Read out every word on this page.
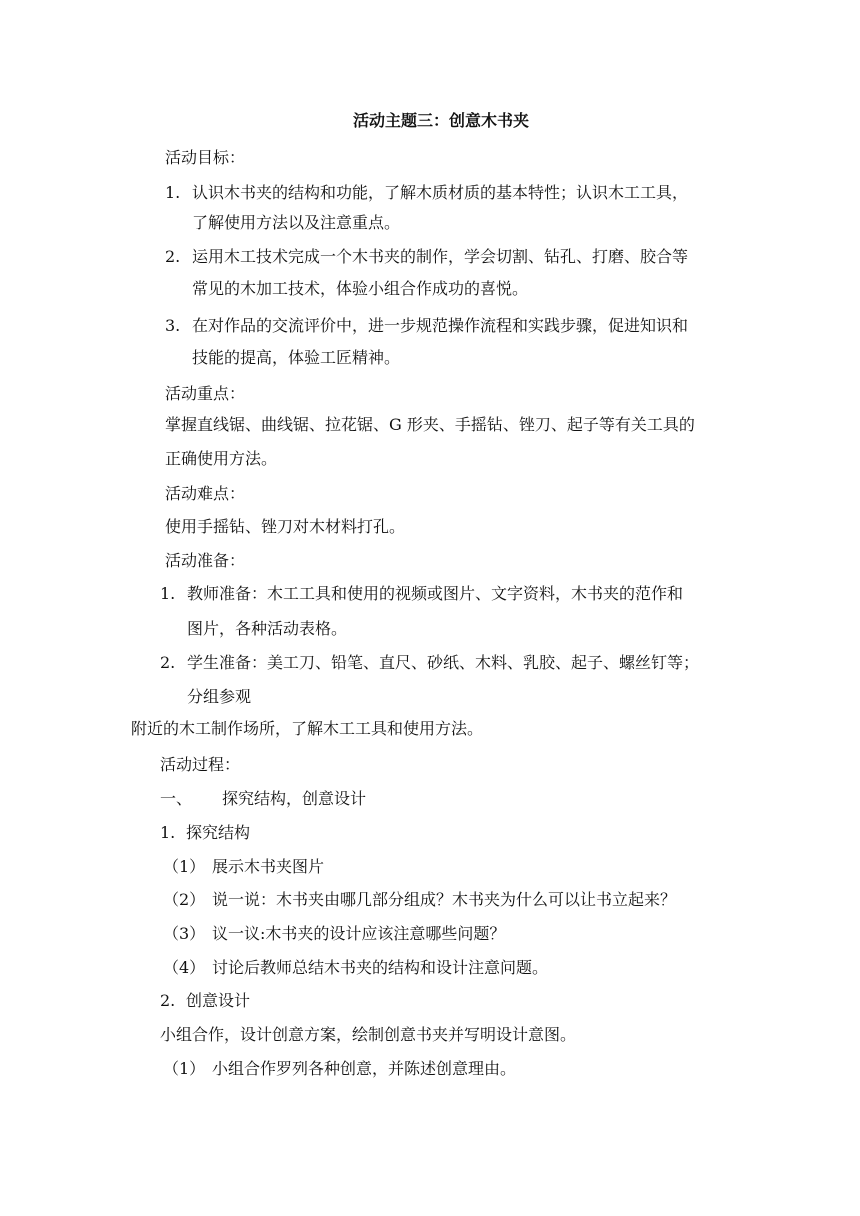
活动主题三：创意木书夹
活动目标：
1. 认识木书夹的结构和功能，了解木质材质的基本特性；认识木工工具，
了解使用方法以及注意重点。
2. 运用木工技术完成一个木书夹的制作，学会切割、钻孔、打磨、胶合等
常见的木加工技术，体验小组合作成功的喜悦。
3. 在对作品的交流评价中，进一步规范操作流程和实践步骤，促进知识和
技能的提高，体验工匠精神。
活动重点：
掌握直线锯、曲线锯、拉花锯、G 形夹、手摇钻、锉刀、起子等有关工具的
正确使用方法。
活动难点：
使用手摇钻、锉刀对木材料打孔。
活动准备：
1. 教师准备：木工工具和使用的视频或图片、文字资料，木书夹的范作和
图片，各种活动表格。
2. 学生准备：美工刀、铅笔、直尺、砂纸、木料、乳胶、起子、螺丝钉等；
分组参观
附近的木工制作场所，了解木工工具和使用方法。
活动过程：
一、 探究结构，创意设计
1. 探究结构
（1） 展示木书夹图片
（2） 说一说：木书夹由哪几部分组成？木书夹为什么可以让书立起来？
（3） 议一议:木书夹的设计应该注意哪些问题？
（4） 讨论后教师总结木书夹的结构和设计注意问题。
2. 创意设计
小组合作，设计创意方案，绘制创意书夹并写明设计意图。
（1） 小组合作罗列各种创意，并陈述创意理由。
